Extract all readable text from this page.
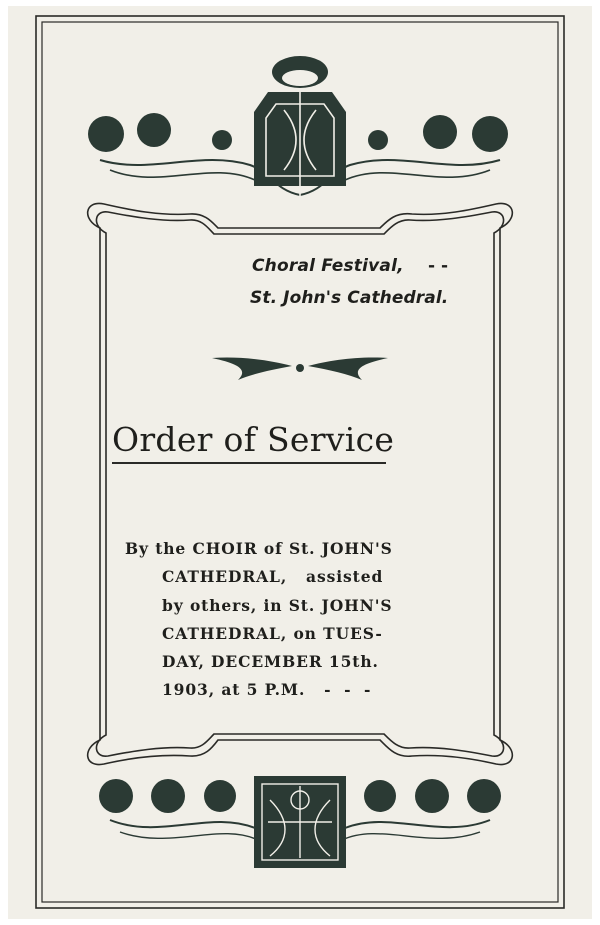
Choral Festival, - -
St. John's Cathedral.
Order of Service
By the CHOIR of St. JOHN'S
CATHEDRAL,   assisted
by others, in St. JOHN'S
CATHEDRAL, on TUES-
DAY, DECEMBER 15th.
1903, at 5 P.M.   -  -  -
